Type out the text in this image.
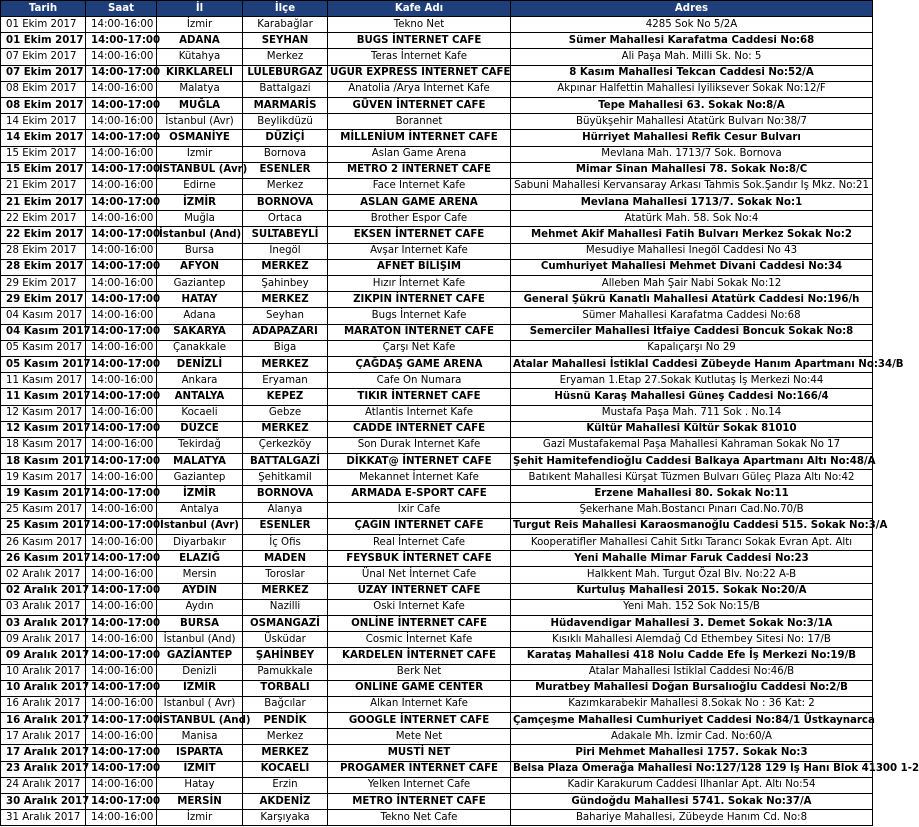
Tarih	Saat	İl	İlçe	Kafe Adı	Adres
01 Ekim 2017	14:00-16:00	İzmir	Karabağlar	Tekno Net	4285 Sok No 5/2A
01 Ekim 2017	14:00-17:00	ADANA	SEYHAN	BUGS İNTERNET CAFE	Sümer Mahallesi Karafatma Caddesi No:68
07 Ekim 2017	14:00-16:00	Kütahya	Merkez	Teras İnternet Kafe	Ali Paşa Mah. Milli Sk. No: 5
07 Ekim 2017	14:00-17:00	KIRKLARELİ	LÜLEBURGAZ	UĞUR EXPRESS İNTERNET CAFE	8 Kasım Mahallesi Tekcan Caddesi No:52/A
08 Ekim 2017	14:00-16:00	Malatya	Battalgazi	Anatolia /Arya İnternet Kafe	Akpınar Halfettin Mahallesi İyiliksever Sokak No:12/F
08 Ekim 2017	14:00-17:00	MUĞLA	MARMARİS	GÜVEN İNTERNET CAFE	Tepe Mahallesi 63. Sokak No:8/A
14 Ekim 2017	14:00-16:00	İstanbul (Avr)	Beylikdüzü	Borannet	Büyükşehir Mahallesi Atatürk Bulvarı No:38/7
14 Ekim 2017	14:00-17:00	OSMANİYE	DÜZİÇİ	MİLLENİUM İNTERNET CAFE	Hürriyet Mahallesi Refik Cesur Bulvarı
15 Ekim 2017	14:00-16:00	İzmir	Bornova	Aslan Game Arena	Mevlana Mah. 1713/7 Sok. Bornova
15 Ekim 2017	14:00-17:00	İSTANBUL (Avr)	ESENLER	METRO 2 İNTERNET CAFE	Mimar Sinan Mahallesi 78. Sokak No:8/C
21 Ekim 2017	14:00-16:00	Edirne	Merkez	Face İnternet Kafe	Sabuni Mahallesi Kervansaray Arkası Tahmis Sok.Şandır İş Mkz. No:21
21 Ekim 2017	14:00-17:00	İZMİR	BORNOVA	ASLAN GAME ARENA	Mevlana Mahallesi 1713/7. Sokak No:1
22 Ekim 2017	14:00-16:00	Muğla	Ortaca	Brother Espor Cafe	Atatürk Mah. 58. Sok No:4
22 Ekim 2017	14:00-17:00	İstanbul (And)	SULTABEYLİ	EKSEN İNTERNET CAFE	Mehmet Akif Mahallesi Fatih Bulvarı Merkez Sokak No:2
28 Ekim 2017	14:00-16:00	Bursa	İnegöl	Avşar İnternet Kafe	Mesudiye Mahallesi İnegöl Caddesi No 43
28 Ekim 2017	14:00-17:00	AFYON	MERKEZ	AFNET BİLİŞİM	Cumhuriyet Mahallesi Mehmet Divani Caddesi No:34
29 Ekim 2017	14:00-16:00	Gaziantep	Şahinbey	Hızır İnternet Kafe	Alleben Mah Şair Nabi Sokak No:12
29 Ekim 2017	14:00-17:00	HATAY	MERKEZ	ZIKPIN İNTERNET CAFE	General Şükrü Kanatlı Mahallesi Atatürk Caddesi No:196/h
04 Kasım 2017	14:00-16:00	Adana	Seyhan	Bugs İnternet Kafe	Sümer Mahallesi Karafatma Caddesi No:68
04 Kasım 2017	14:00-17:00	SAKARYA	ADAPAZARI	MARATON İNTERNET CAFE	Semerciler Mahallesi İtfaiye Caddesi Boncuk Sokak No:8
05 Kasım 2017	14:00-16:00	Çanakkale	Biga	Çarşı Net Kafe	Kapalıçarşı No 29
05 Kasım 2017	14:00-17:00	DENİZLİ	MERKEZ	ÇAĞDAŞ GAME ARENA	Atalar Mahallesi İstiklal Caddesi Zübeyde Hanım Apartmanı No:34/B
11 Kasım 2017	14:00-16:00	Ankara	Eryaman	Cafe On Numara	Eryaman 1.Etap 27.Sokak Kutlutaş İş Merkezi No:44
11 Kasım 2017	14:00-17:00	ANTALYA	KEPEZ	TIKIR İNTERNET CAFE	Hüsnü Karaş Mahallesi Güneş Caddesi No:166/4
12 Kasım 2017	14:00-16:00	Kocaeli	Gebze	Atlantis İnternet Kafe	Mustafa Paşa Mah. 711 Sok . No.14
12 Kasım 2017	14:00-17:00	DÜZCE	MERKEZ	CADDE İNTERNET CAFE	Kültür Mahallesi Kültür Sokak 81010
18 Kasım 2017	14:00-16:00	Tekirdağ	Çerkezköy	Son Durak İnternet Kafe	Gazi Mustafakemal Paşa Mahallesi Kahraman Sokak No 17
18 Kasım 2017	14:00-17:00	MALATYA	BATTALGAZİ	DİKKAT@ İNTERNET CAFE	Şehit Hamitefendioğlu Caddesi Balkaya Apartmanı Altı No:48/A
19 Kasım 2017	14:00-16:00	Gaziantep	Şehitkamil	Mekannet İnternet Kafe	Batıkent Mahallesi Kürşat Tüzmen Bulvarı Güleç Plaza Altı No:42
19 Kasım 2017	14:00-17:00	İZMİR	BORNOVA	ARMADA E-SPORT CAFE	Erzene Mahallesi 80. Sokak No:11
25 Kasım 2017	14:00-16:00	Antalya	Alanya	İxir Cafe	Şekerhane Mah.Bostancı Pınarı Cad.No.70/B
25 Kasım 2017	14:00-17:00	İstanbul (Avr)	ESENLER	ÇAĞIN İNTERNET CAFE	Turgut Reis Mahallesi Karaosmanoğlu Caddesi 515. Sokak No:3/A
26 Kasım 2017	14:00-16:00	Diyarbakır	İç Ofis	Real İnternet Cafe	Kooperatifler Mahallesi Cahit Sıtkı Tarancı Sokak Evran Apt. Altı
26 Kasım 2017	14:00-17:00	ELAZIĞ	MADEN	FEYSBUK İNTERNET CAFE	Yeni Mahalle Mimar Faruk Caddesi No:23
02 Aralık 2017	14:00-16:00	Mersin	Toroslar	Ünal Net İnternet Cafe	Halkkent Mah. Turgut Özal Blv. No:22 A-B
02 Aralık 2017	14:00-17:00	AYDIN	MERKEZ	UZAY İNTERNET CAFE	Kurtuluş Mahallesi 2015. Sokak No:20/A
03 Aralık 2017	14:00-16:00	Aydın	Nazilli	Oski İnternet Kafe	Yeni Mah. 152 Sok No:15/B
03 Aralık 2017	14:00-17:00	BURSA	OSMANGAZİ	ONLİNE İNTERNET CAFE	Hüdavendigar Mahallesi 3. Demet Sokak No:3/1A
09 Aralık 2017	14:00-16:00	İstanbul (And)	Üsküdar	Cosmic İnternet Kafe	Kısıklı Mahallesi Alemdağ Cd Ethembey Sitesi No: 17/B
09 Aralık 2017	14:00-17:00	GAZİANTEP	ŞAHİNBEY	KARDELEN İNTERNET CAFE	Karataş Mahallesi 418 Nolu Cadde Efe İş Merkezi No:19/B
10 Aralık 2017	14:00-16:00	Denizli	Pamukkale	Berk Net	Atalar Mahallesi İstiklal Caddesi No:46/B
10 Aralık 2017	14:00-17:00	İZMİR	TORBALI	ONLİNE GAME CENTER	Muratbey Mahallesi Doğan Bursalıoğlu Caddesi No:2/B
16 Aralık 2017	14:00-16:00	İstanbul ( Avr)	Bağcılar	Alkan İnternet Kafe	Kazımkarabekir Mahallesi 8.Sokak No : 36 Kat: 2
16 Aralık 2017	14:00-17:00	İSTANBUL (And)	PENDİK	GOOGLE İNTERNET CAFE	Çamçeşme Mahallesi Cumhuriyet Caddesi No:84/1 Üstkaynarca
17 Aralık 2017	14:00-16:00	Manisa	Merkez	Mete Net	Adakale Mh. İzmir Cad. No:60/A
17 Aralık 2017	14:00-17:00	ISPARTA	MERKEZ	MUSTİ NET	Piri Mehmet Mahallesi 1757. Sokak No:3
23 Aralık 2017	14:00-17:00	İZMİT	KOCAELİ	PROGAMER İNTERNET CAFE	Belsa Plaza Ömerağa Mahallesi No:127/128 129 İş Hanı Blok 41300 1-2
24 Aralık 2017	14:00-16:00	Hatay	Erzin	Yelken İnternet Cafe	Kadir Karakurum Caddesi İlhanlar Apt. Altı No:54
30 Aralık 2017	14:00-17:00	MERSİN	AKDENİZ	METRO İNTERNET CAFE	Gündoğdu Mahallesi 5741. Sokak No:37/A
31 Aralık 2017	14:00-16:00	İzmir	Karşıyaka	Tekno Net Cafe	Bahariye Mahallesi, Zübeyde Hanım Cd. No:8
